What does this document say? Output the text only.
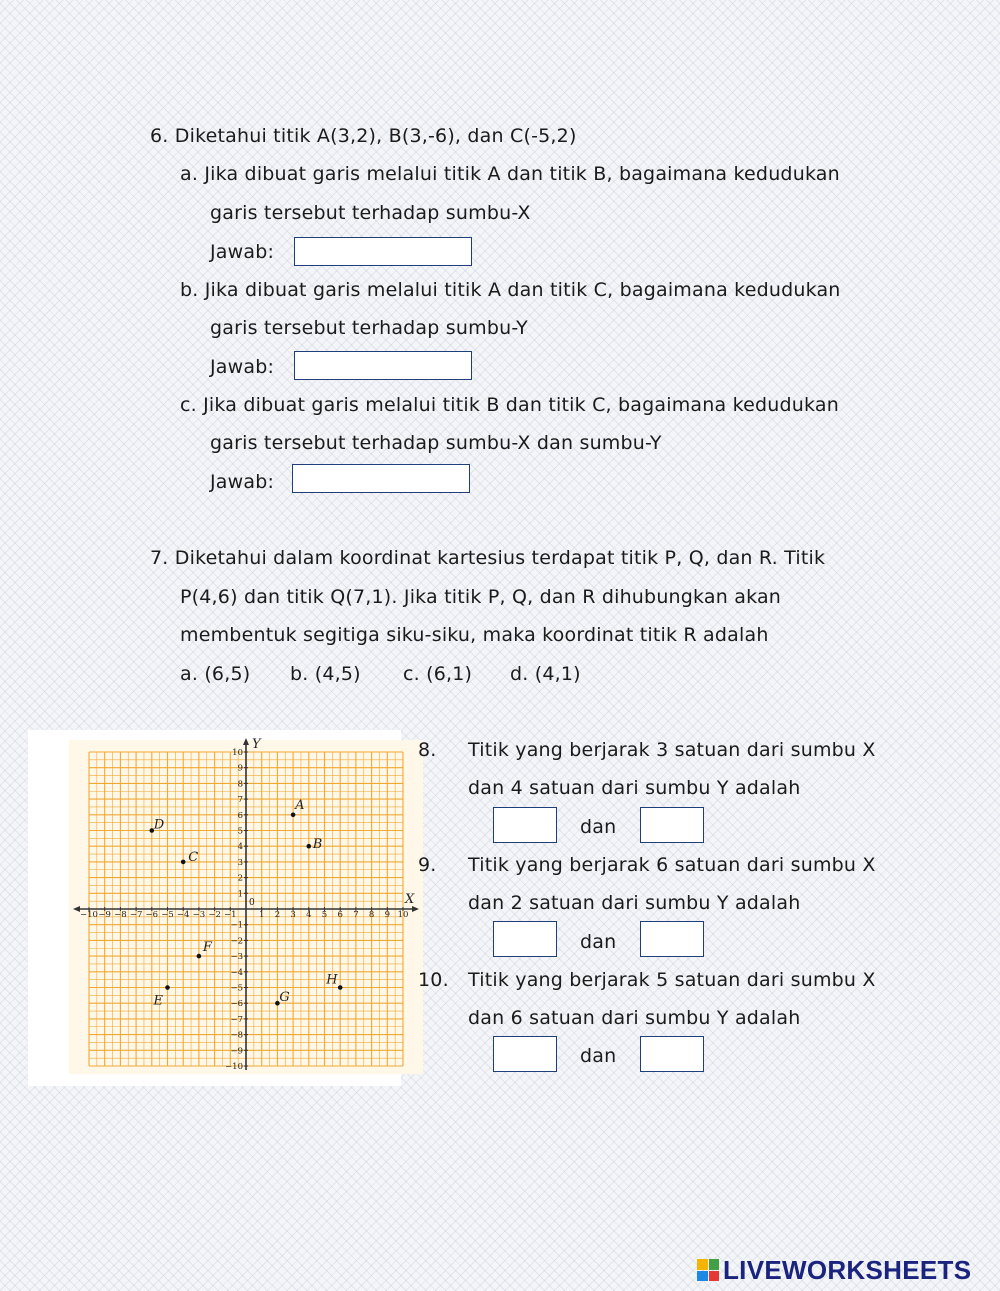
6. Diketahui titik A(3,2), B(3,-6), dan C(-5,2)
a. Jika dibuat garis melalui titik A dan titik B, bagaimana kedudukan
garis tersebut terhadap sumbu-X
Jawab:
b. Jika dibuat garis melalui titik A dan titik C, bagaimana kedudukan
garis tersebut terhadap sumbu-Y
Jawab:
c. Jika dibuat garis melalui titik B dan titik C, bagaimana kedudukan
garis tersebut terhadap sumbu-X dan sumbu-Y
Jawab:
7. Diketahui dalam koordinat kartesius terdapat titik P, Q, dan R. Titik
P(4,6) dan titik Q(7,1). Jika titik P, Q, dan R dihubungkan akan
membentuk segitiga siku-siku, maka koordinat titik R adalah
a. (6,5) b. (4,5) c. (6,1) d. (4,1)
X
Y
0
−10 −9 −8 −7 −6 −5 −4 −3 −2 −1	1 2 3 4 5 6 7 8 9 10
−10
−9
−8
−7
−6
−5
−4
−3
−2
−1
1
2
3
4
5
6
7
8
9
10
A
B
C
D
E
F
G
H
8. Titik yang berjarak 3 satuan dari sumbu X
dan 4 satuan dari sumbu Y adalah
dan
9. Titik yang berjarak 6 satuan dari sumbu X
dan 2 satuan dari sumbu Y adalah
dan
10. Titik yang berjarak 5 satuan dari sumbu X
dan 6 satuan dari sumbu Y adalah
dan
LIVEWORKSHEETS
